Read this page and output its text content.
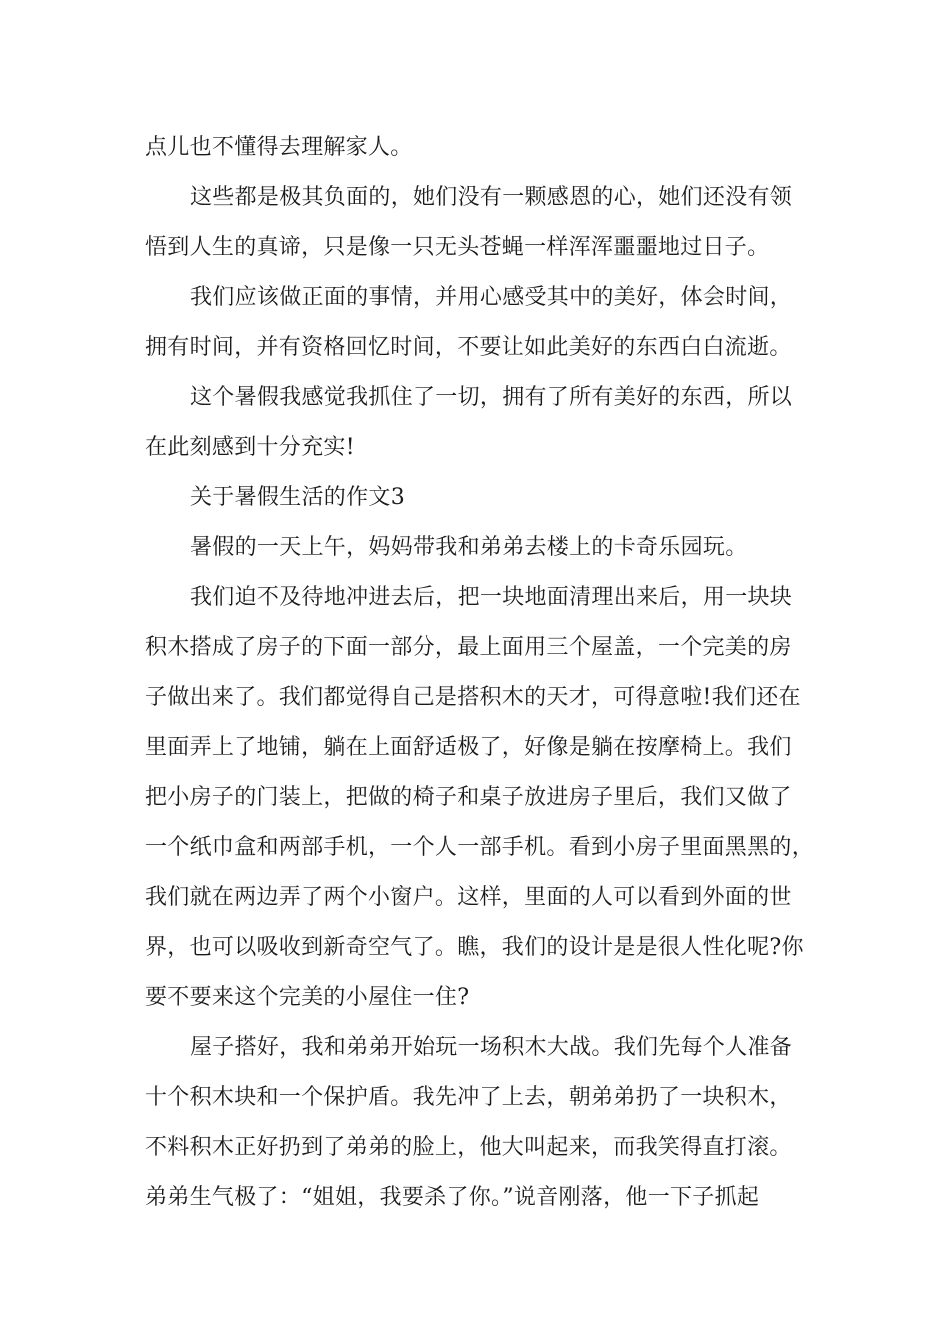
点儿也不懂得去理解家人。
这些都是极其负面的，她们没有一颗感恩的心，她们还没有领
悟到人生的真谛，只是像一只无头苍蝇一样浑浑噩噩地过日子。
我们应该做正面的事情，并用心感受其中的美好，体会时间，
拥有时间，并有资格回忆时间，不要让如此美好的东西白白流逝。
这个暑假我感觉我抓住了一切，拥有了所有美好的东西，所以
在此刻感到十分充实!
关于暑假生活的作文3
暑假的一天上午，妈妈带我和弟弟去楼上的卡奇乐园玩。
我们迫不及待地冲进去后，把一块地面清理出来后，用一块块
积木搭成了房子的下面一部分，最上面用三个屋盖，一个完美的房
子做出来了。我们都觉得自己是搭积木的天才，可得意啦!我们还在
里面弄上了地铺，躺在上面舒适极了，好像是躺在按摩椅上。我们
把小房子的门装上，把做的椅子和桌子放进房子里后，我们又做了
一个纸巾盒和两部手机，一个人一部手机。看到小房子里面黑黑的，
我们就在两边弄了两个小窗户。这样，里面的人可以看到外面的世
界，也可以吸收到新奇空气了。瞧，我们的设计是是很人性化呢?你
要不要来这个完美的小屋住一住?
屋子搭好，我和弟弟开始玩一场积木大战。我们先每个人准备
十个积木块和一个保护盾。我先冲了上去，朝弟弟扔了一块积木，
不料积木正好扔到了弟弟的脸上，他大叫起来，而我笑得直打滚。
弟弟生气极了：“姐姐，我要杀了你。”说音刚落，他一下子抓起
